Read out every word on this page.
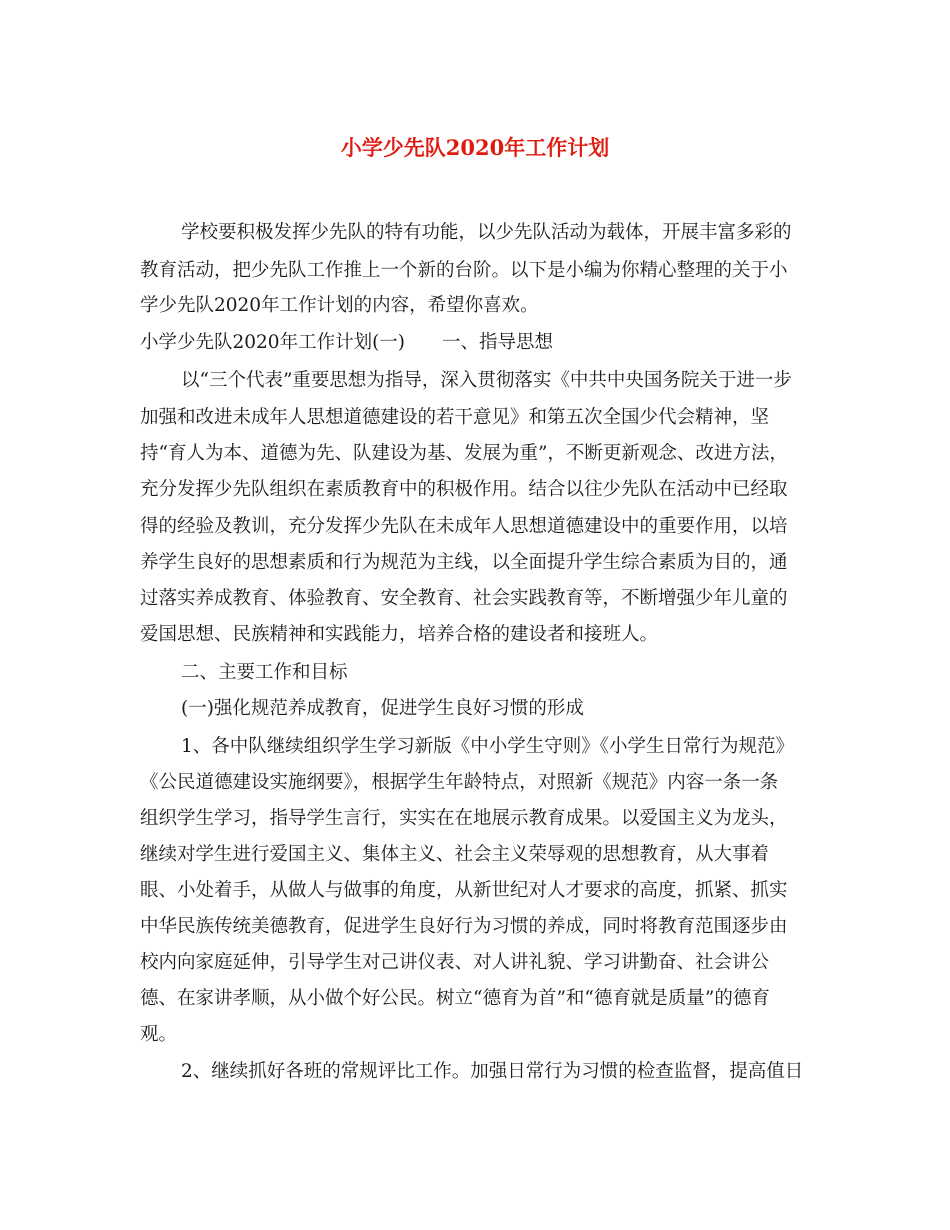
小学少先队2020年工作计划
学校要积极发挥少先队的特有功能，以少先队活动为载体，开展丰富多彩的
教育活动，把少先队工作推上一个新的台阶。以下是小编为你精心整理的关于小
学少先队2020年工作计划的内容，希望你喜欢。
小学少先队2020年工作计划(一)　　一、指导思想
以“三个代表”重要思想为指导，深入贯彻落实《中共中央国务院关于进一步
加强和改进未成年人思想道德建设的若干意见》和第五次全国少代会精神，坚
持“育人为本、道德为先、队建设为基、发展为重”，不断更新观念、改进方法，
充分发挥少先队组织在素质教育中的积极作用。结合以往少先队在活动中已经取
得的经验及教训，充分发挥少先队在未成年人思想道德建设中的重要作用，以培
养学生良好的思想素质和行为规范为主线，以全面提升学生综合素质为目的，通
过落实养成教育、体验教育、安全教育、社会实践教育等，不断增强少年儿童的
爱国思想、民族精神和实践能力，培养合格的建设者和接班人。
二、主要工作和目标
(一)强化规范养成教育，促进学生良好习惯的形成
1、各中队继续组织学生学习新版《中小学生守则》《小学生日常行为规范》
《公民道德建设实施纲要》，根据学生年龄特点，对照新《规范》内容一条一条
组织学生学习，指导学生言行，实实在在地展示教育成果。以爱国主义为龙头，
继续对学生进行爱国主义、集体主义、社会主义荣辱观的思想教育，从大事着
眼、小处着手，从做人与做事的角度，从新世纪对人才要求的高度，抓紧、抓实
中华民族传统美德教育，促进学生良好行为习惯的养成，同时将教育范围逐步由
校内向家庭延伸，引导学生对己讲仪表、对人讲礼貌、学习讲勤奋、社会讲公
德、在家讲孝顺，从小做个好公民。树立“德育为首”和“德育就是质量”的德育
观。
2、继续抓好各班的常规评比工作。加强日常行为习惯的检查监督，提高值日
